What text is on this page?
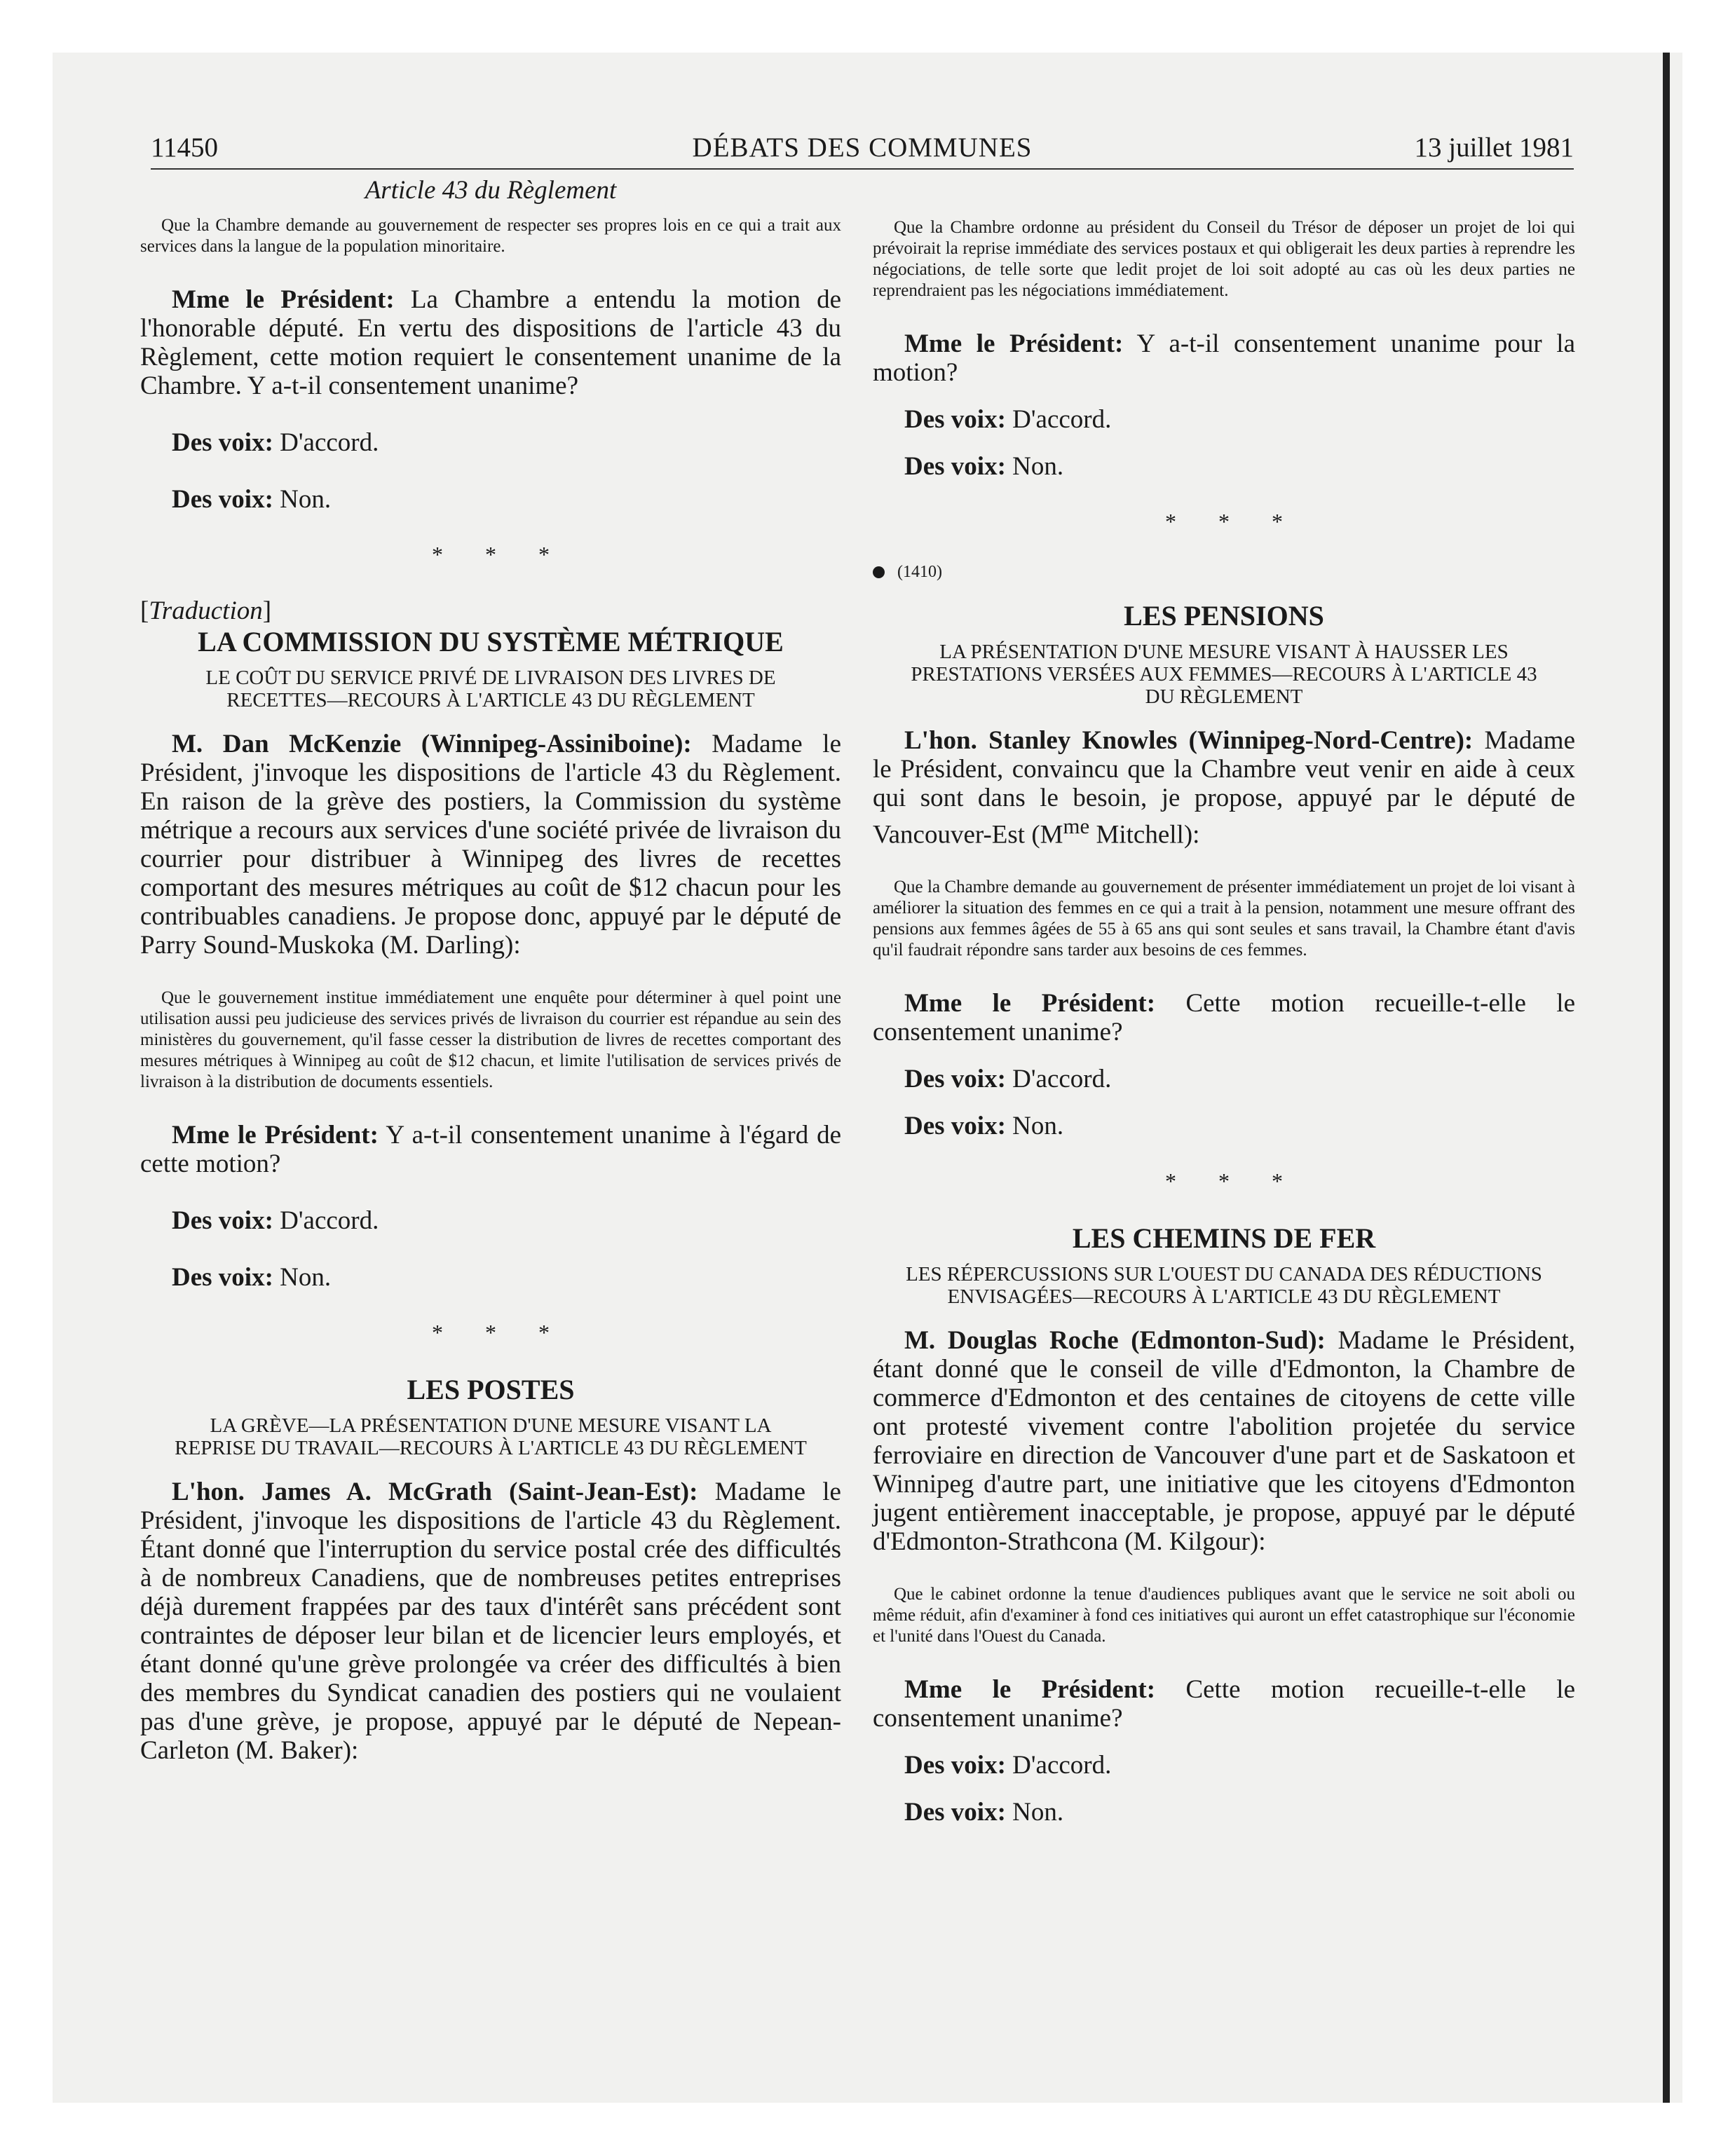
11450	DÉBATS DES COMMUNES	13 juillet 1981

Article 43 du Règlement

Que la Chambre demande au gouvernement de respecter ses propres lois en ce qui a trait aux services dans la langue de la population minoritaire.

Mme le Président: La Chambre a entendu la motion de l'honorable député. En vertu des dispositions de l'article 43 du Règlement, cette motion requiert le consentement unanime de la Chambre. Y a-t-il consentement unanime?

Des voix: D'accord.

Des voix: Non.

* * *

[Traduction]

LA COMMISSION DU SYSTÈME MÉTRIQUE

LE COÛT DU SERVICE PRIVÉ DE LIVRAISON DES LIVRES DE RECETTES—RECOURS À L'ARTICLE 43 DU RÈGLEMENT

M. Dan McKenzie (Winnipeg-Assiniboine): Madame le Président, j'invoque les dispositions de l'article 43 du Règlement. En raison de la grève des postiers, la Commission du système métrique a recours aux services d'une société privée de livraison du courrier pour distribuer à Winnipeg des livres de recettes comportant des mesures métriques au coût de $12 chacun pour les contribuables canadiens. Je propose donc, appuyé par le député de Parry Sound-Muskoka (M. Darling):

Que le gouvernement institue immédiatement une enquête pour déterminer à quel point une utilisation aussi peu judicieuse des services privés de livraison du courrier est répandue au sein des ministères du gouvernement, qu'il fasse cesser la distribution de livres de recettes comportant des mesures métriques à Winnipeg au coût de $12 chacun, et limite l'utilisation de services privés de livraison à la distribution de documents essentiels.

Mme le Président: Y a-t-il consentement unanime à l'égard de cette motion?

Des voix: D'accord.

Des voix: Non.

* * *

LES POSTES

LA GRÈVE—LA PRÉSENTATION D'UNE MESURE VISANT LA REPRISE DU TRAVAIL—RECOURS À L'ARTICLE 43 DU RÈGLEMENT

L'hon. James A. McGrath (Saint-Jean-Est): Madame le Président, j'invoque les dispositions de l'article 43 du Règlement. Étant donné que l'interruption du service postal crée des difficultés à de nombreux Canadiens, que de nombreuses petites entreprises déjà durement frappées par des taux d'intérêt sans précédent sont contraintes de déposer leur bilan et de licencier leurs employés, et étant donné qu'une grève prolongée va créer des difficultés à bien des membres du Syndicat canadien des postiers qui ne voulaient pas d'une grève, je propose, appuyé par le député de Nepean-Carleton (M. Baker):

Que la Chambre ordonne au président du Conseil du Trésor de déposer un projet de loi qui prévoirait la reprise immédiate des services postaux et qui obligerait les deux parties à reprendre les négociations, de telle sorte que ledit projet de loi soit adopté au cas où les deux parties ne reprendraient pas les négociations immédiatement.

Mme le Président: Y a-t-il consentement unanime pour la motion?

Des voix: D'accord.

Des voix: Non.

* * *

(1410)

LES PENSIONS

LA PRÉSENTATION D'UNE MESURE VISANT À HAUSSER LES PRESTATIONS VERSÉES AUX FEMMES—RECOURS À L'ARTICLE 43 DU RÈGLEMENT

L'hon. Stanley Knowles (Winnipeg-Nord-Centre): Madame le Président, convaincu que la Chambre veut venir en aide à ceux qui sont dans le besoin, je propose, appuyé par le député de Vancouver-Est ($M^{me}$ Mitchell):

Que la Chambre demande au gouvernement de présenter immédiatement un projet de loi visant à améliorer la situation des femmes en ce qui a trait à la pension, notamment une mesure offrant des pensions aux femmes âgées de 55 à 65 ans qui sont seules et sans travail, la Chambre étant d'avis qu'il faudrait répondre sans tarder aux besoins de ces femmes.

Mme le Président: Cette motion recueille-t-elle le consentement unanime?

Des voix: D'accord.

Des voix: Non.

* * *

LES CHEMINS DE FER

LES RÉPERCUSSIONS SUR L'OUEST DU CANADA DES RÉDUCTIONS ENVISAGÉES—RECOURS À L'ARTICLE 43 DU RÈGLEMENT

M. Douglas Roche (Edmonton-Sud): Madame le Président, étant donné que le conseil de ville d'Edmonton, la Chambre de commerce d'Edmonton et des centaines de citoyens de cette ville ont protesté vivement contre l'abolition projetée du service ferroviaire en direction de Vancouver d'une part et de Saskatoon et Winnipeg d'autre part, une initiative que les citoyens d'Edmonton jugent entièrement inacceptable, je propose, appuyé par le député d'Edmonton-Strathcona (M. Kilgour):

Que le cabinet ordonne la tenue d'audiences publiques avant que le service ne soit aboli ou même réduit, afin d'examiner à fond ces initiatives qui auront un effet catastrophique sur l'économie et l'unité dans l'Ouest du Canada.

Mme le Président: Cette motion recueille-t-elle le consentement unanime?

Des voix: D'accord.

Des voix: Non.
